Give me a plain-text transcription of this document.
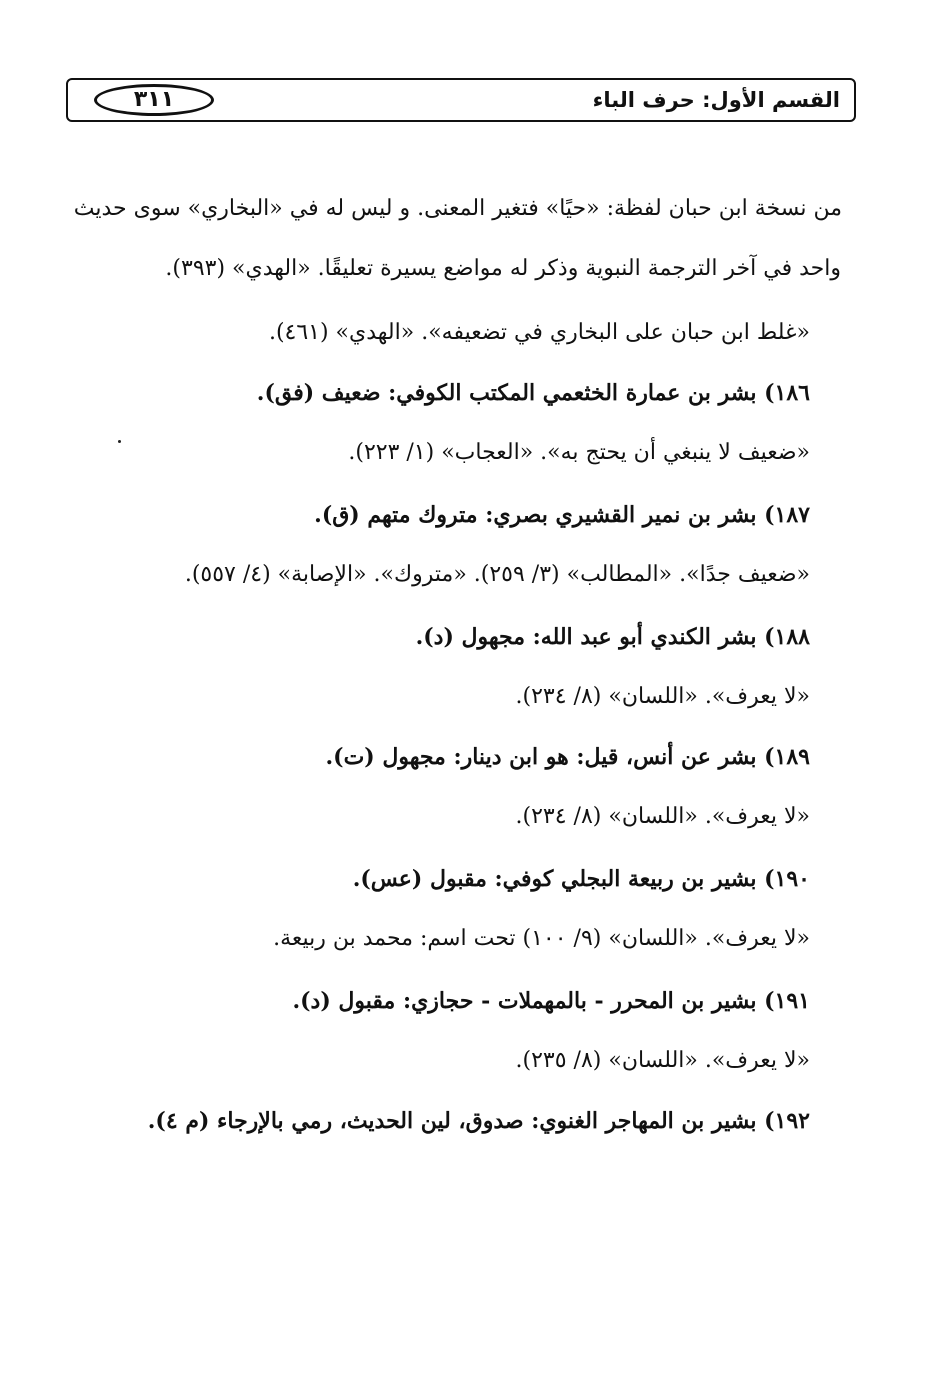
القسم الأول: حرف الباء
٣١١
من نسخة ابن حبان لفظة: «حيًا» فتغير المعنى. و ليس له في «البخاري» سوى حديث
واحد في آخر الترجمة النبوية وذكر له مواضع يسيرة تعليقًا. «الهدي» (٣٩٣).
«غلط ابن حبان على البخاري في تضعيفه». «الهدي» (٤٦١).
١٨٦) بشر بن عمارة الخثعمي المكتب الكوفي: ضعيف (فق).
«ضعيف لا ينبغي أن يحتج به». «العجاب» (١/ ٢٢٣).
١٨٧) بشر بن نمير القشيري بصري: متروك متهم (ق).
«ضعيف جدًا». «المطالب» (٣/ ٢٥٩). «متروك». «الإصابة» (٤/ ٥٥٧).
١٨٨) بشر الكندي أبو عبد الله: مجهول (د).
«لا يعرف». «اللسان» (٨/ ٢٣٤).
١٨٩) بشر عن أنس، قيل: هو ابن دينار: مجهول (ت).
«لا يعرف». «اللسان» (٨/ ٢٣٤).
١٩٠) بشير بن ربيعة البجلي كوفي: مقبول (عس).
«لا يعرف». «اللسان» (٩/ ١٠٠) تحت اسم: محمد بن ربيعة.
١٩١) بشير بن المحرر - بالمهملات - حجازي: مقبول (د).
«لا يعرف». «اللسان» (٨/ ٢٣٥).
١٩٢) بشير بن المهاجر الغنوي: صدوق، لين الحديث، رمي بالإرجاء (م ٤).
